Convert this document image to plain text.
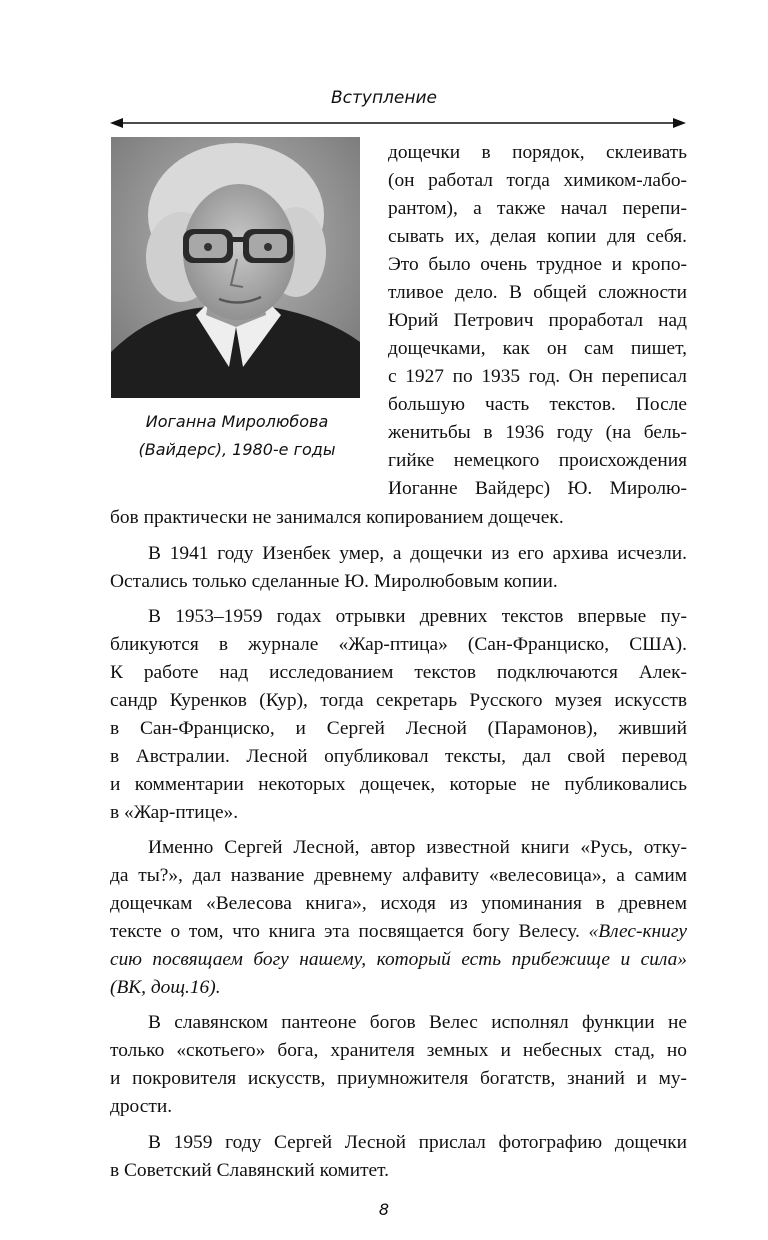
Вступление
Иоганна Миролюбова
(Вайдерс), 1980-е годы
дощечки в порядок, склеивать
(он работал тогда химиком-лабо-
рантом), а также начал перепи-
сывать их, делая копии для себя.
Это было очень трудное и кропо-
тливое дело. В общей сложности
Юрий Петрович проработал над
дощечками, как он сам пишет,
с 1927 по 1935 год. Он переписал
большую часть текстов. После
женитьбы в 1936 году (на бель-
гийке немецкого происхождения
Иоганне Вайдерс) Ю. Миролю-
бов практически не занимался копированием дощечек.
В 1941 году Изенбек умер, а дощечки из его архива исчезли.
Остались только сделанные Ю. Миролюбовым копии.
В 1953–1959 годах отрывки древних текстов впервые пу-
бликуются в журнале «Жар-птица» (Сан-Франциско, США).
К работе над исследованием текстов подключаются Алек-
сандр Куренков (Кур), тогда секретарь Русского музея искусств
в Сан-Франциско, и Сергей Лесной (Парамонов), живший
в Австралии. Лесной опубликовал тексты, дал свой перевод
и комментарии некоторых дощечек, которые не публиковались
в «Жар-птице».
Именно Сергей Лесной, автор известной книги «Русь, отку-
да ты?», дал название древнему алфавиту «велесовица», а самим
дощечкам «Велесова книга», исходя из упоминания в древнем
тексте о том, что книга эта посвящается богу Велесу. «Влес-книгу
сию посвящаем богу нашему, который есть прибежище и сила»
(ВК, дощ.16).
В славянском пантеоне богов Велес исполнял функции не
только «скотьего» бога, хранителя земных и небесных стад, но
и покровителя искусств, приумножителя богатств, знаний и му-
дрости.
В 1959 году Сергей Лесной прислал фотографию дощечки
в Советский Славянский комитет.
8
